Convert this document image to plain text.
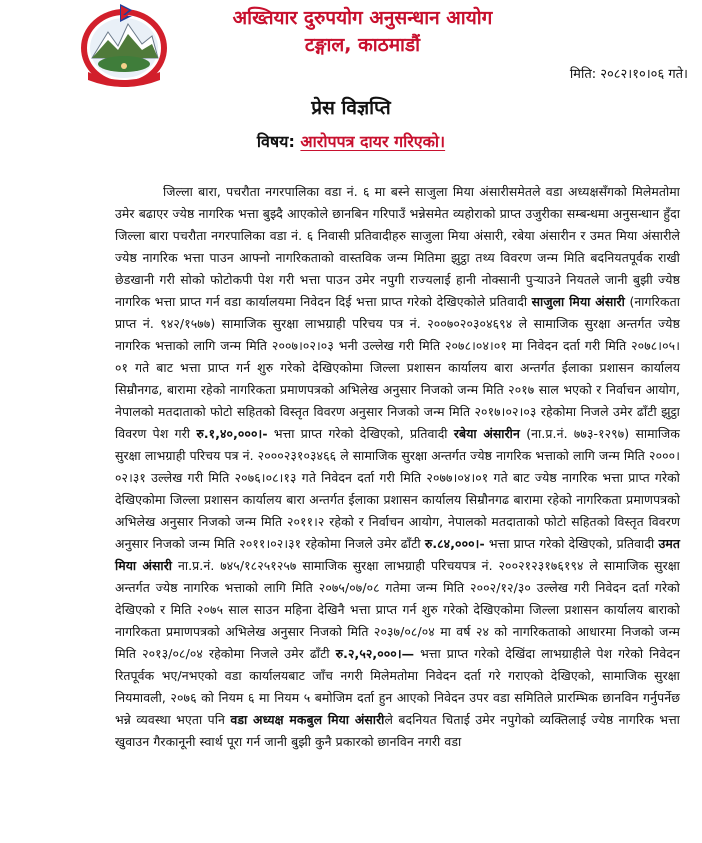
अख्तियार दुरुपयोग अनुसन्धान आयोग
टङ्गाल, काठमाडौं
मिति: २०८२।१०।०६ गते।
प्रेस विज्ञप्ति
विषय: आरोपपत्र दायर गरिएको।

जिल्ला बारा, पचरौता नगरपालिका वडा नं. ६ मा बस्ने साजुला मिया अंसारीसमेतले वडा अध्यक्षसँगको मिलेमतोमा उमेर बढाएर ज्येष्ठ नागरिक भत्ता बुझ्दै आएकोले छानबिन गरिपाउँ भन्नेसमेत व्यहोराको प्राप्त उजुरीका सम्बन्धमा अनुसन्धान हुँदा जिल्ला बारा पचरौता नगरपालिका वडा नं. ६ निवासी प्रतिवादीहरु साजुला मिया अंसारी, रबेया अंसारीन र उमत मिया अंसारीले ज्येष्ठ नागरिक भत्ता पाउन आफ्नो नागरिकताको वास्तविक जन्म मितिमा झुट्ठा तथ्य विवरण जन्म मिति बदनियतपूर्वक राखी छेडखानी गरी सोको फोटोकपी पेश गरी भत्ता पाउन उमेर नपुगी राज्यलाई हानी नोक्सानी पुऱ्याउने नियतले जानी बुझी ज्येष्ठ नागरिक भत्ता प्राप्त गर्न वडा कार्यालयमा निवेदन दिई भत्ता प्राप्त गरेको देखिएकोले प्रतिवादी साजुला मिया अंसारी (नागरिकता प्राप्त नं. ९४२/१५७७) सामाजिक सुरक्षा लाभग्राही परिचय पत्र नं. २००७०२०३०४६९४ ले सामाजिक सुरक्षा अन्तर्गत ज्येष्ठ नागरिक भत्ताको लागि जन्म मिति २००७।०२।०३ भनी उल्लेख गरी मिति २०७८।०४।०१ मा निवेदन दर्ता गरी मिति २०७८।०५।०१ गते बाट भत्ता प्राप्त गर्न शुरु गरेको देखिएकोमा जिल्ला प्रशासन कार्यालय बारा अन्तर्गत ईलाका प्रशासन कार्यालय सिम्रौनगढ, बारामा रहेको नागरिकता प्रमाणपत्रको अभिलेख अनुसार निजको जन्म मिति २०१७ साल भएको र निर्वाचन आयोग, नेपालको मतदाताको फोटो सहितको विस्तृत विवरण अनुसार निजको जन्म मिति २०१७।०२।०३ रहेकोमा निजले उमेर ढाँटी झुट्ठा विवरण पेश गरी रु.१,४०,०००।- भत्ता प्राप्त गरेको देखिएको, प्रतिवादी रबेया अंसारीन (ना.प्र.नं. ७७३-१२९७) सामाजिक सुरक्षा लाभग्राही परिचय पत्र नं. २०००२३१०३४६६ ले सामाजिक सुरक्षा अन्तर्गत ज्येष्ठ नागरिक भत्ताको लागि जन्म मिति २०००।०२।३१ उल्लेख गरी मिति २०७६।०८।१३ गते निवेदन दर्ता गरी मिति २०७७।०४।०१ गते बाट ज्येष्ठ नागरिक भत्ता प्राप्त गरेको देखिएकोमा जिल्ला प्रशासन कार्यालय बारा अन्तर्गत ईलाका प्रशासन कार्यालय सिम्रौनगढ बारामा रहेको नागरिकता प्रमाणपत्रको अभिलेख अनुसार निजको जन्म मिति २०११।२ रहेको र निर्वाचन आयोग, नेपालको मतदाताको फोटो सहितको विस्तृत विवरण अनुसार निजको जन्म मिति २०११।०२।३१ रहेकोमा निजले उमेर ढाँटी रु.८४,०००।- भत्ता प्राप्त गरेको देखिएको, प्रतिवादी उमत मिया अंसारी ना.प्र.नं. ७४५/१८२५१२५७ सामाजिक सुरक्षा लाभग्राही परिचयपत्र नं. २००२१२३१७६१९४ ले सामाजिक सुरक्षा अन्तर्गत ज्येष्ठ नागरिक भत्ताको लागि मिति २०७५/०७/०८ गतेमा जन्म मिति २००२/१२/३० उल्लेख गरी निवेदन दर्ता गरेको देखिएको र मिति २०७५ साल साउन महिना देखिनै भत्ता प्राप्त गर्न शुरु गरेको देखिएकोमा जिल्ला प्रशासन कार्यालय बाराको नागरिकता प्रमाणपत्रको अभिलेख अनुसार निजको मिति २०३७/०८/०४ मा वर्ष २४ को नागरिकताको आधारमा निजको जन्म मिति २०१३/०८/०४ रहेकोमा निजले उमेर ढाँटी रु.२,५२,०००।— भत्ता प्राप्त गरेको देखिंदा लाभग्राहीले पेश गरेको निवेदन रितपूर्वक भए/नभएको वडा कार्यालयबाट जाँच नगरी मिलेमतोमा निवेदन दर्ता गरे गराएको देखिएको, सामाजिक सुरक्षा नियमावली, २०७६ को नियम ६ मा नियम ५ बमोजिम दर्ता हुन आएको निवेदन उपर वडा समितिले प्रारम्भिक छानविन गर्नुपर्नेछ भन्ने व्यवस्था भएता पनि वडा अध्यक्ष मकबुल मिया अंसारीले बदनियत चिताई उमेर नपुगेको व्यक्तिलाई ज्येष्ठ नागरिक भत्ता खुवाउन गैरकानूनी स्वार्थ पूरा गर्न जानी बुझी कुनै प्रकारको छानविन नगरी वडा
